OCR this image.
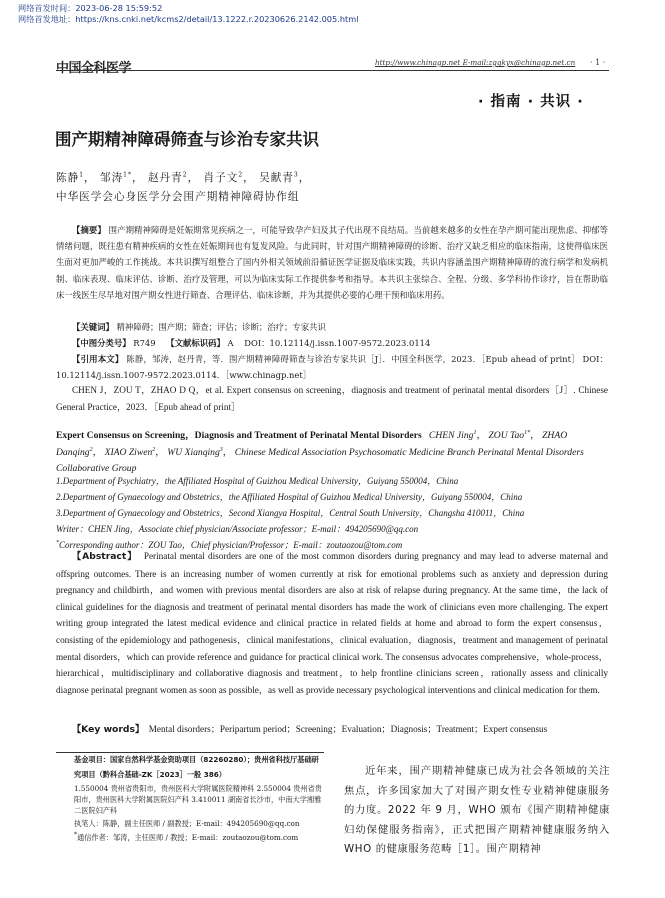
网络首发时间：2023-06-28 15:59:52
网络首发地址：https://kns.cnki.net/kcms2/detail/13.1222.r.20230626.2142.005.html
中国全科医学	http://www.chinagp.net E-mail:zgqkyx@chinagp.net.cn · 1 ·
· 指南 · 共识 ·
围产期精神障碍筛查与诊治专家共识
陈静$^1$， 邹涛$^{1*}$， 赵丹青$^2$， 肖子文$^2$， 吴献青$^3$，
中华医学会心身医学分会围产期精神障碍协作组
【摘要】 围产期精神障碍是妊娠期常见疾病之一，可能导致孕产妇及其子代出现不良结局。当前越来越多的女性在孕产期可能出现焦虑、抑郁等情绪问题，既往患有精神疾病的女性在妊娠期间也有复发风险。与此同时，针对围产期精神障碍的诊断、治疗又缺乏相应的临床指南，这使得临床医生面对更加严峻的工作挑战。本共识撰写组整合了国内外相关领域前沿循证医学证据及临床实践，共识内容涵盖围产期精神障碍的流行病学和发病机制、临床表现、临床评估、诊断、治疗及管理，可以为临床实际工作提供参考和指导。本共识主张综合、全程、分级、多学科协作诊疗，旨在帮助临床一线医生尽早地对围产期女性进行筛查、合理评估、临床诊断，并为其提供必要的心理干预和临床用药。
【关键词】 精神障碍；围产期；筛查；评估；诊断；治疗；专家共识
【中图分类号】 R749 【文献标识码】 A DOI：10.12114/j.issn.1007-9572.2023.0114
【引用本文】 陈静，邹涛，赵丹青，等．围产期精神障碍筛查与诊治专家共识［J］．中国全科医学，2023．［Epub ahead of print］ DOI：10.12114/j.issn.1007-9572.2023.0114．［www.chinagp.net］
CHEN J，ZOU T，ZHAO D Q，et al. Expert consensus on screening，diagnosis and treatment of perinatal mental disorders［J］. Chinese General Practice，2023．［Epub ahead of print］
Expert Consensus on Screening，Diagnosis and Treatment of Perinatal Mental Disorders CHEN Jing$^1$， ZOU Tao$^{1*}$， ZHAO Danqing$^2$， XIAO Ziwen$^2$， WU Xianqing$^3$， Chinese Medical Association Psychosomatic Medicine Branch Perinatal Mental Disorders Collaborative Group
1.Department of Psychiatry，the Affiliated Hospital of Guizhou Medical University，Guiyang 550004，China
2.Department of Gynaecology and Obstetrics，the Affiliated Hospital of Guizhou Medical University，Guiyang 550004，China
3.Department of Gynaecology and Obstetrics，Second Xiangya Hospital，Central South University，Changsha 410011，China
Writer：CHEN Jing，Associate chief physician/Associate professor；E-mail：494205690@qq.con
*Corresponding author：ZOU Tao，Chief physician/Professor；E-mail：zoutaozou@tom.com
【Abstract】 Perinatal mental disorders are one of the most common disorders during pregnancy and may lead to adverse maternal and offspring outcomes. There is an increasing number of women currently at risk for emotional problems such as anxiety and depression during pregnancy and childbirth，and women with previous mental disorders are also at risk of relapse during pregnancy. At the same time，the lack of clinical guidelines for the diagnosis and treatment of perinatal mental disorders has made the work of clinicians even more challenging. The expert writing group integrated the latest medical evidence and clinical practice in related fields at home and abroad to form the expert consensus，consisting of the epidemiology and pathogenesis，clinical manifestations，clinical evaluation，diagnosis，treatment and management of perinatal mental disorders，which can provide reference and guidance for practical clinical work. The consensus advocates comprehensive，whole-process，hierarchical，multidisciplinary and collaborative diagnosis and treatment，to help frontline clinicians screen，rationally assess and clinically diagnose perinatal pregnant women as soon as possible，as well as provide necessary psychological interventions and clinical medication for them.
【Key words】 Mental disorders；Peripartum period；Screening；Evaluation；Diagnosis；Treatment；Expert consensus
基金项目：国家自然科学基金资助项目（82260280）；贵州省科技厅基础研究项目（黔科合基础-ZK［2023］一般 386）
1.550004 贵州省贵阳市，贵州医科大学附属医院精神科 2.550004 贵州省贵阳市，贵州医科大学附属医院妇产科 3.410011 湖南省长沙市，中南大学湘雅二医院妇产科
执笔人：陈静，副主任医师 / 副教授；E-mail：494205690@qq.con
*通信作者：邹涛，主任医师 / 教授；E-mail：zoutaozou@tom.com
近年来，围产期精神健康已成为社会各领域的关注焦点，许多国家加大了对围产期女性专业精神健康服务的力度。2022 年 9 月，WHO 颁布《围产期精神健康妇幼保健服务指南》，正式把围产期精神健康服务纳入 WHO 的健康服务范畴［1］。围产期精神
